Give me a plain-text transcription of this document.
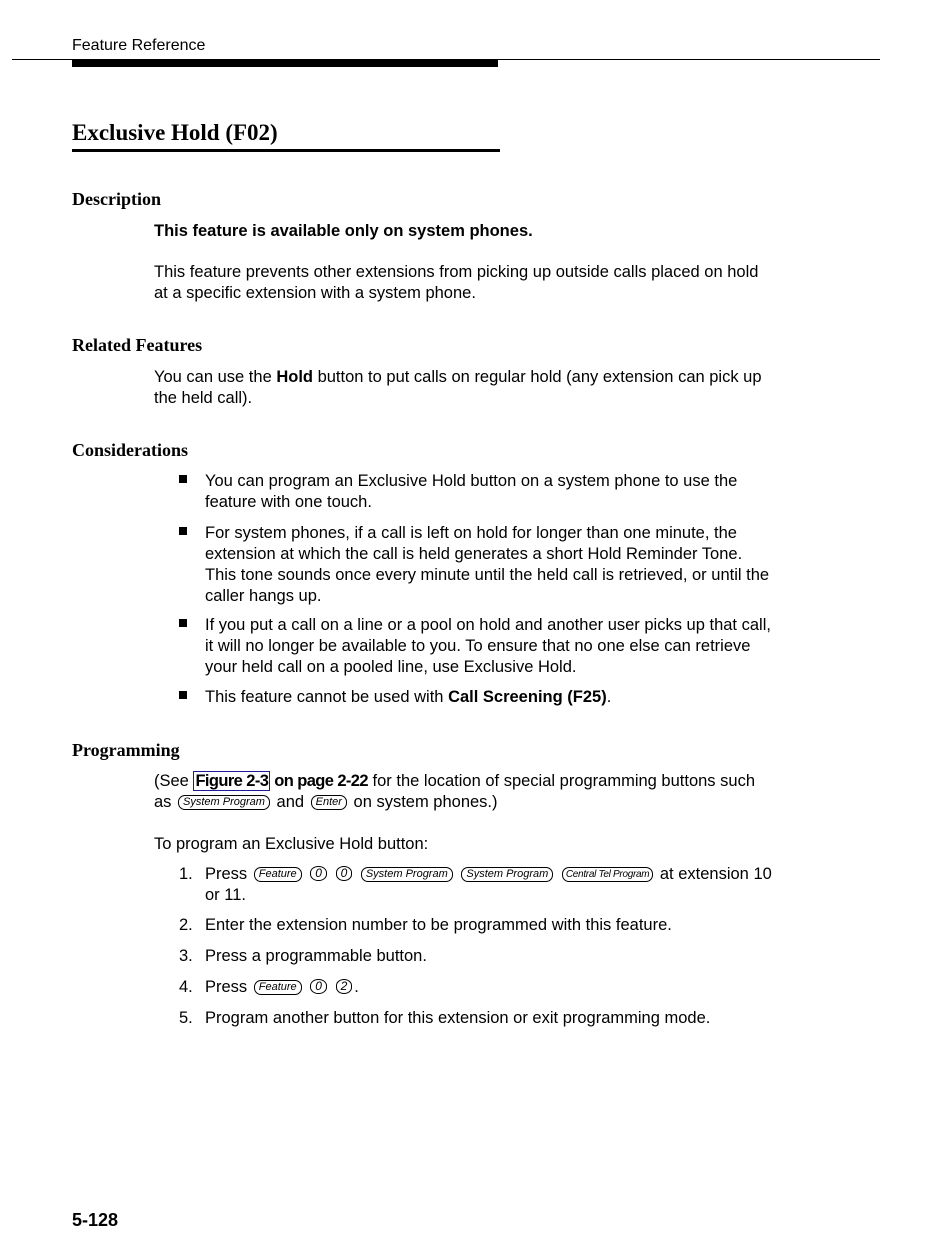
Feature Reference
Exclusive Hold (F02)
Description

This feature is available only on system phones.

This feature prevents other extensions from picking up outside calls placed on hold at a specific extension with a system phone.

Related Features

You can use the Hold button to put calls on regular hold (any extension can pick up the held call).

Considerations
You can program an Exclusive Hold button on a system phone to use the feature with one touch.
For system phones, if a call is left on hold for longer than one minute, the extension at which the call is held generates a short Hold Reminder Tone. This tone sounds once every minute until the held call is retrieved, or until the caller hangs up.
If you put a call on a line or a pool on hold and another user picks up that call, it will no longer be available to you. To ensure that no one else can retrieve your held call on a pooled line, use Exclusive Hold.
This feature cannot be used with Call Screening (F25).
Programming

(See Figure 2-3 on page 2-22 for the location of special programming buttons such as System Program and Enter on system phones.)

To program an Exclusive Hold button:

1. Press Feature 0 0 System Program System Program Central Tel Program at extension 10 or 11.
2. Enter the extension number to be programmed with this feature.
3. Press a programmable button.
4. Press Feature 0 2 .
5. Program another button for this extension or exit programming mode.
5-128
